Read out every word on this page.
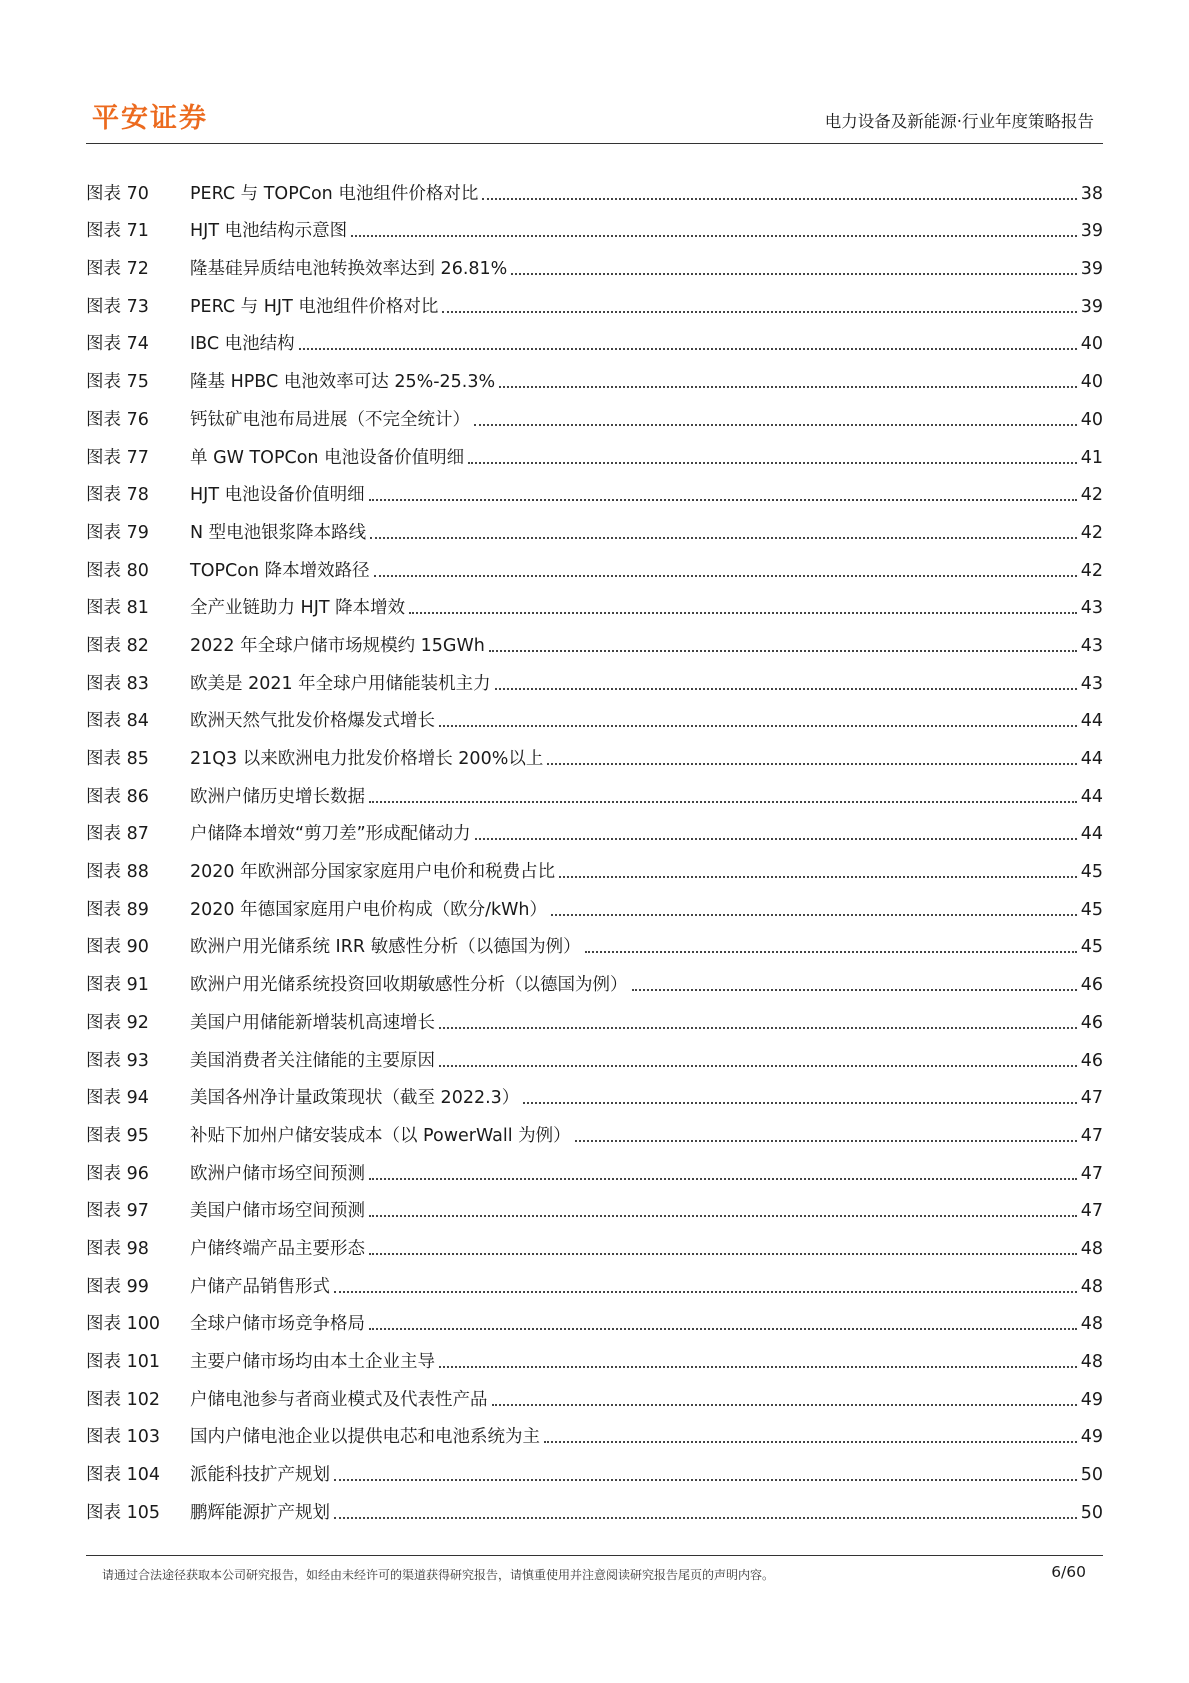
平安证券	电力设备及新能源·行业年度策略报告
图表 70	PERC 与 TOPCon 电池组件价格对比	38
图表 71	HJT 电池结构示意图	39
图表 72	隆基硅异质结电池转换效率达到 26.81%	39
图表 73	PERC 与 HJT 电池组件价格对比	39
图表 74	IBC 电池结构	40
图表 75	隆基 HPBC 电池效率可达 25%-25.3%	40
图表 76	钙钛矿电池布局进展（不完全统计）	40
图表 77	单 GW TOPCon 电池设备价值明细	41
图表 78	HJT 电池设备价值明细	42
图表 79	N 型电池银浆降本路线	42
图表 80	TOPCon 降本增效路径	42
图表 81	全产业链助力 HJT 降本增效	43
图表 82	2022 年全球户储市场规模约 15GWh	43
图表 83	欧美是 2021 年全球户用储能装机主力	43
图表 84	欧洲天然气批发价格爆发式增长	44
图表 85	21Q3 以来欧洲电力批发价格增长 200%以上	44
图表 86	欧洲户储历史增长数据	44
图表 87	户储降本增效“剪刀差”形成配储动力	44
图表 88	2020 年欧洲部分国家家庭用户电价和税费占比	45
图表 89	2020 年德国家庭用户电价构成（欧分/kWh）	45
图表 90	欧洲户用光储系统 IRR 敏感性分析（以德国为例）	45
图表 91	欧洲户用光储系统投资回收期敏感性分析（以德国为例）	46
图表 92	美国户用储能新增装机高速增长	46
图表 93	美国消费者关注储能的主要原因	46
图表 94	美国各州净计量政策现状（截至 2022.3）	47
图表 95	补贴下加州户储安装成本（以 PowerWall 为例）	47
图表 96	欧洲户储市场空间预测	47
图表 97	美国户储市场空间预测	47
图表 98	户储终端产品主要形态	48
图表 99	户储产品销售形式	48
图表 100	全球户储市场竞争格局	48
图表 101	主要户储市场均由本土企业主导	48
图表 102	户储电池参与者商业模式及代表性产品	49
图表 103	国内户储电池企业以提供电芯和电池系统为主	49
图表 104	派能科技扩产规划	50
图表 105	鹏辉能源扩产规划	50
请通过合法途径获取本公司研究报告，如经由未经许可的渠道获得研究报告，请慎重使用并注意阅读研究报告尾页的声明内容。	6/60
